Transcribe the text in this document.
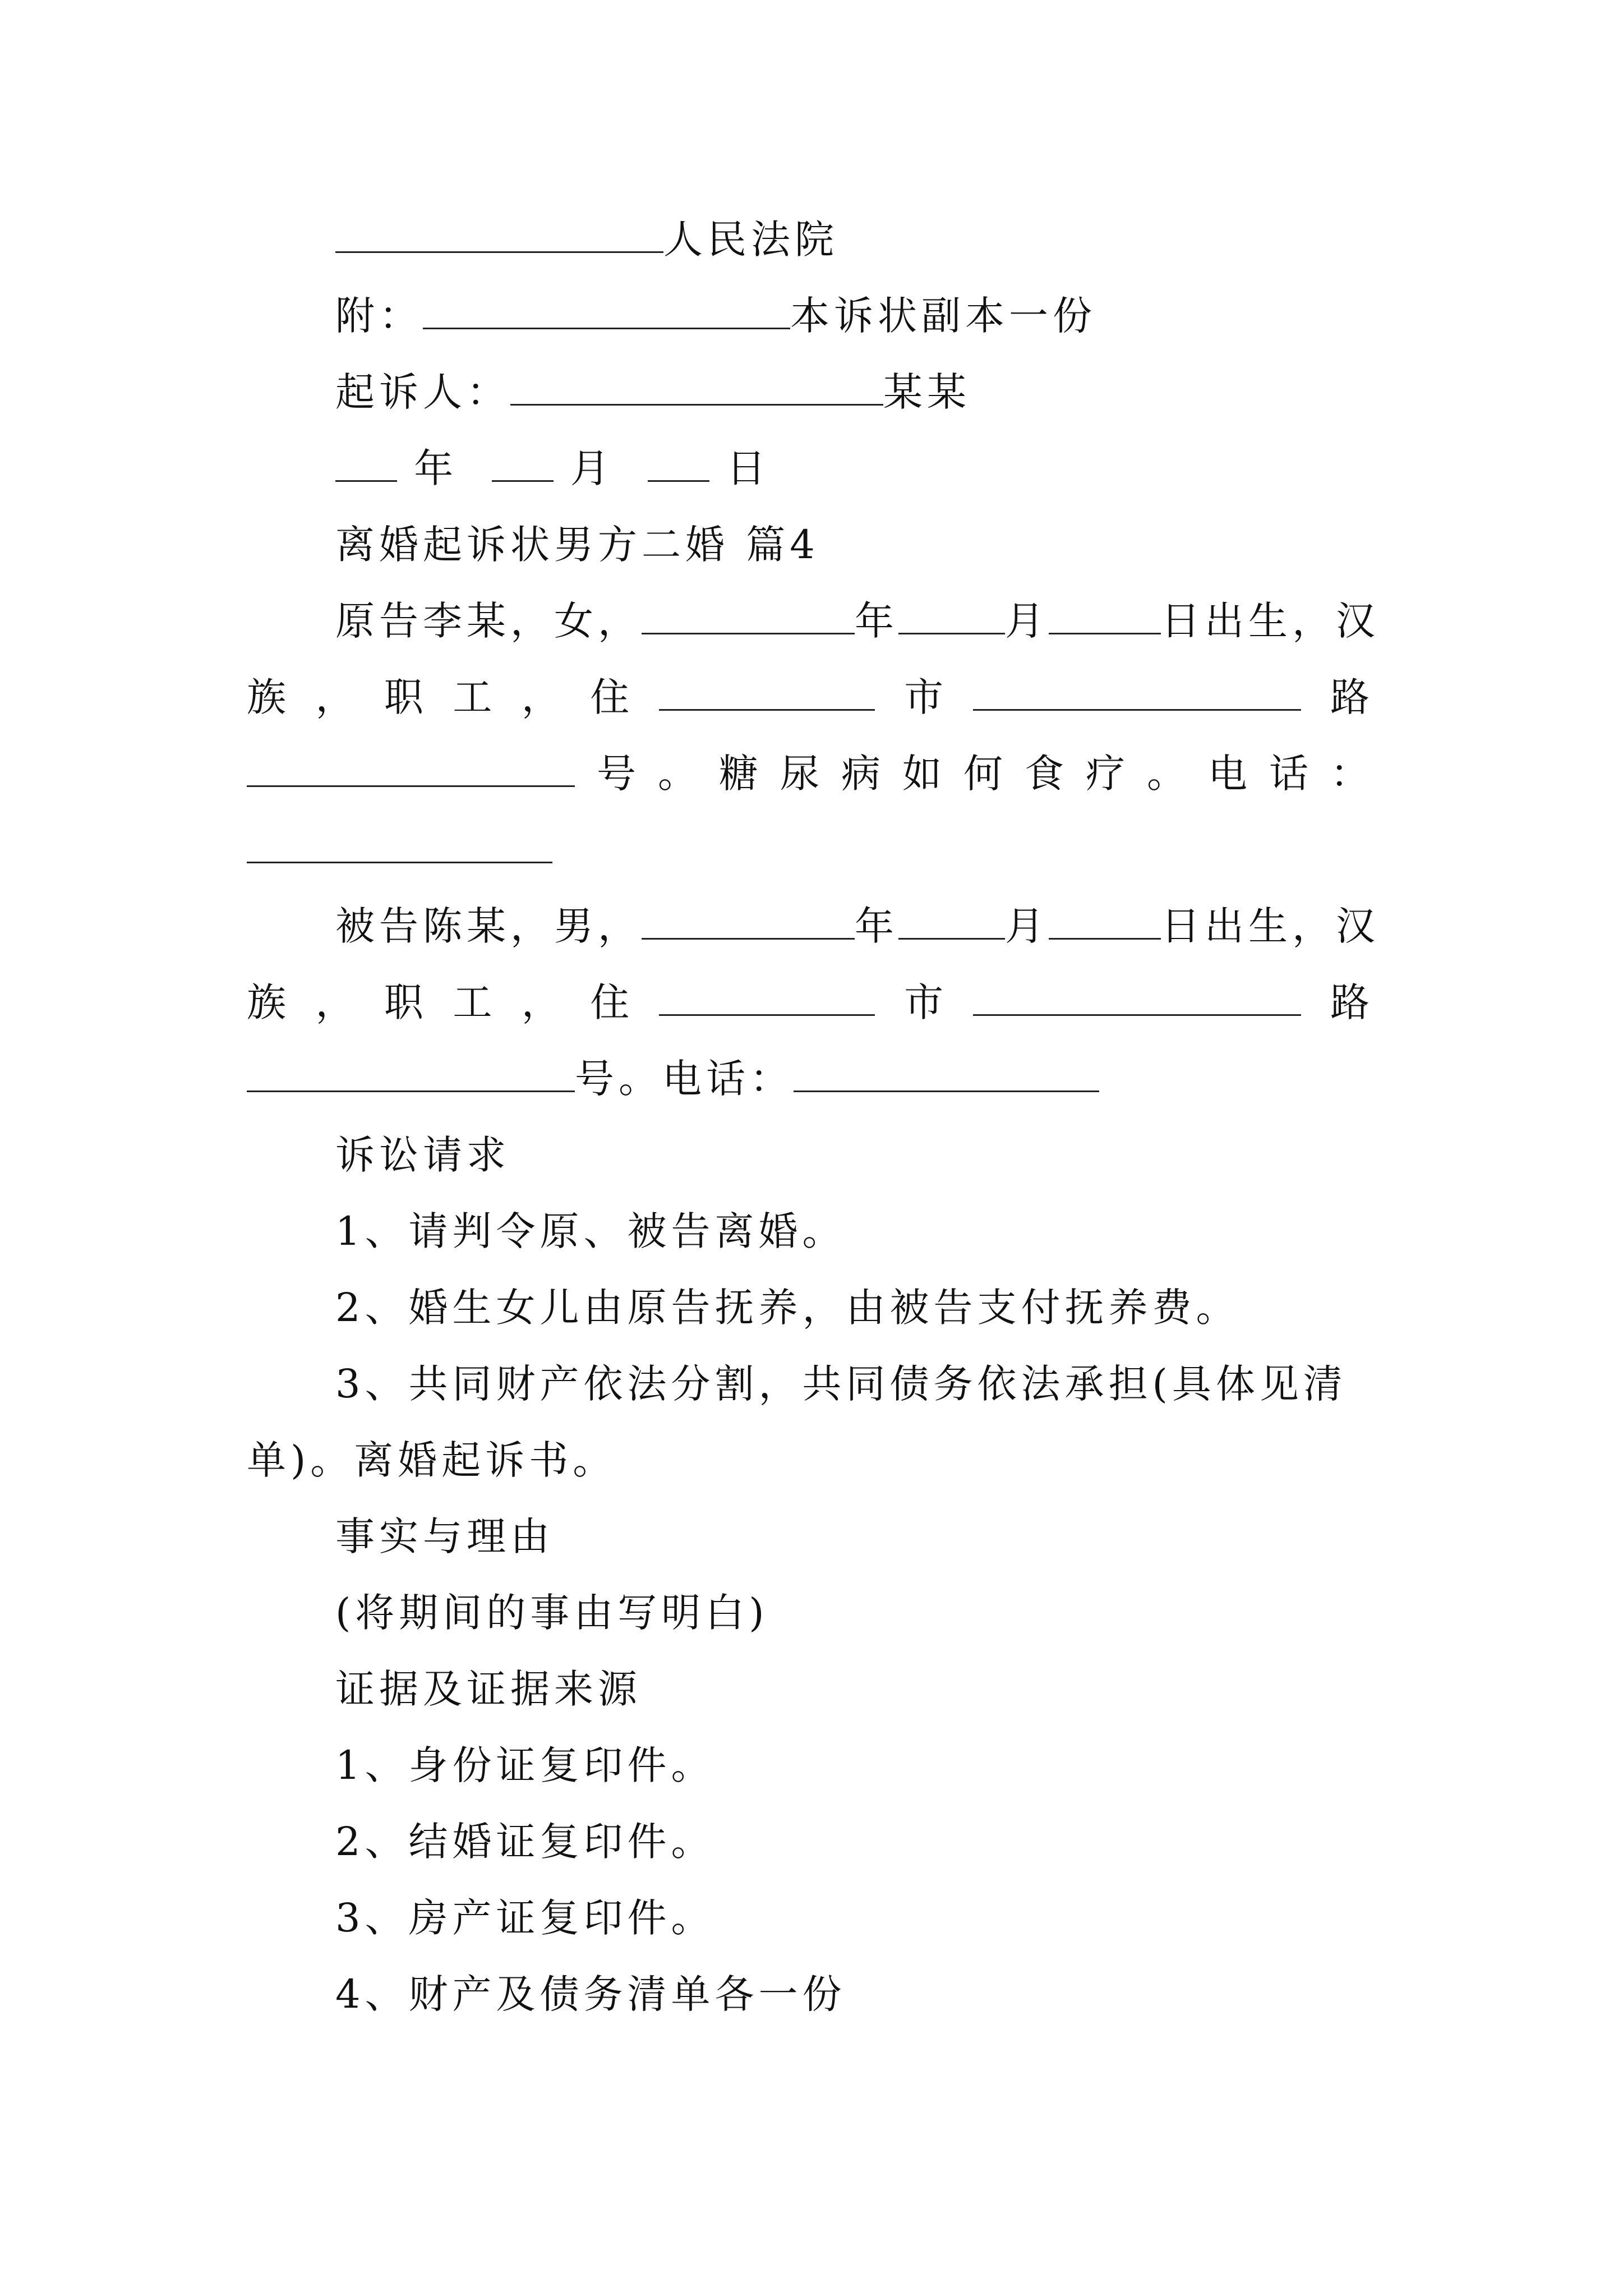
人民法院
附：	本诉状副本一份
起诉人：	某某
年	月	日
离婚起诉状男方二婚 篇4
原告李某，女，	年	月	日出生，汉
族 ， 职 工 ， 住	市	路
号 。 糖 尿 病 如 何 食 疗 。 电 话 ：
被告陈某，男，	年	月	日出生，汉
族 ， 职 工 ， 住	市	路
号。电话：
诉讼请求
1、请判令原、被告离婚。
2、婚生女儿由原告抚养，由被告支付抚养费。
3、共同财产依法分割，共同债务依法承担(具体见清
单)。离婚起诉书。
事实与理由
(将期间的事由写明白)
证据及证据来源
1、身份证复印件。
2、结婚证复印件。
3、房产证复印件。
4、财产及债务清单各一份
